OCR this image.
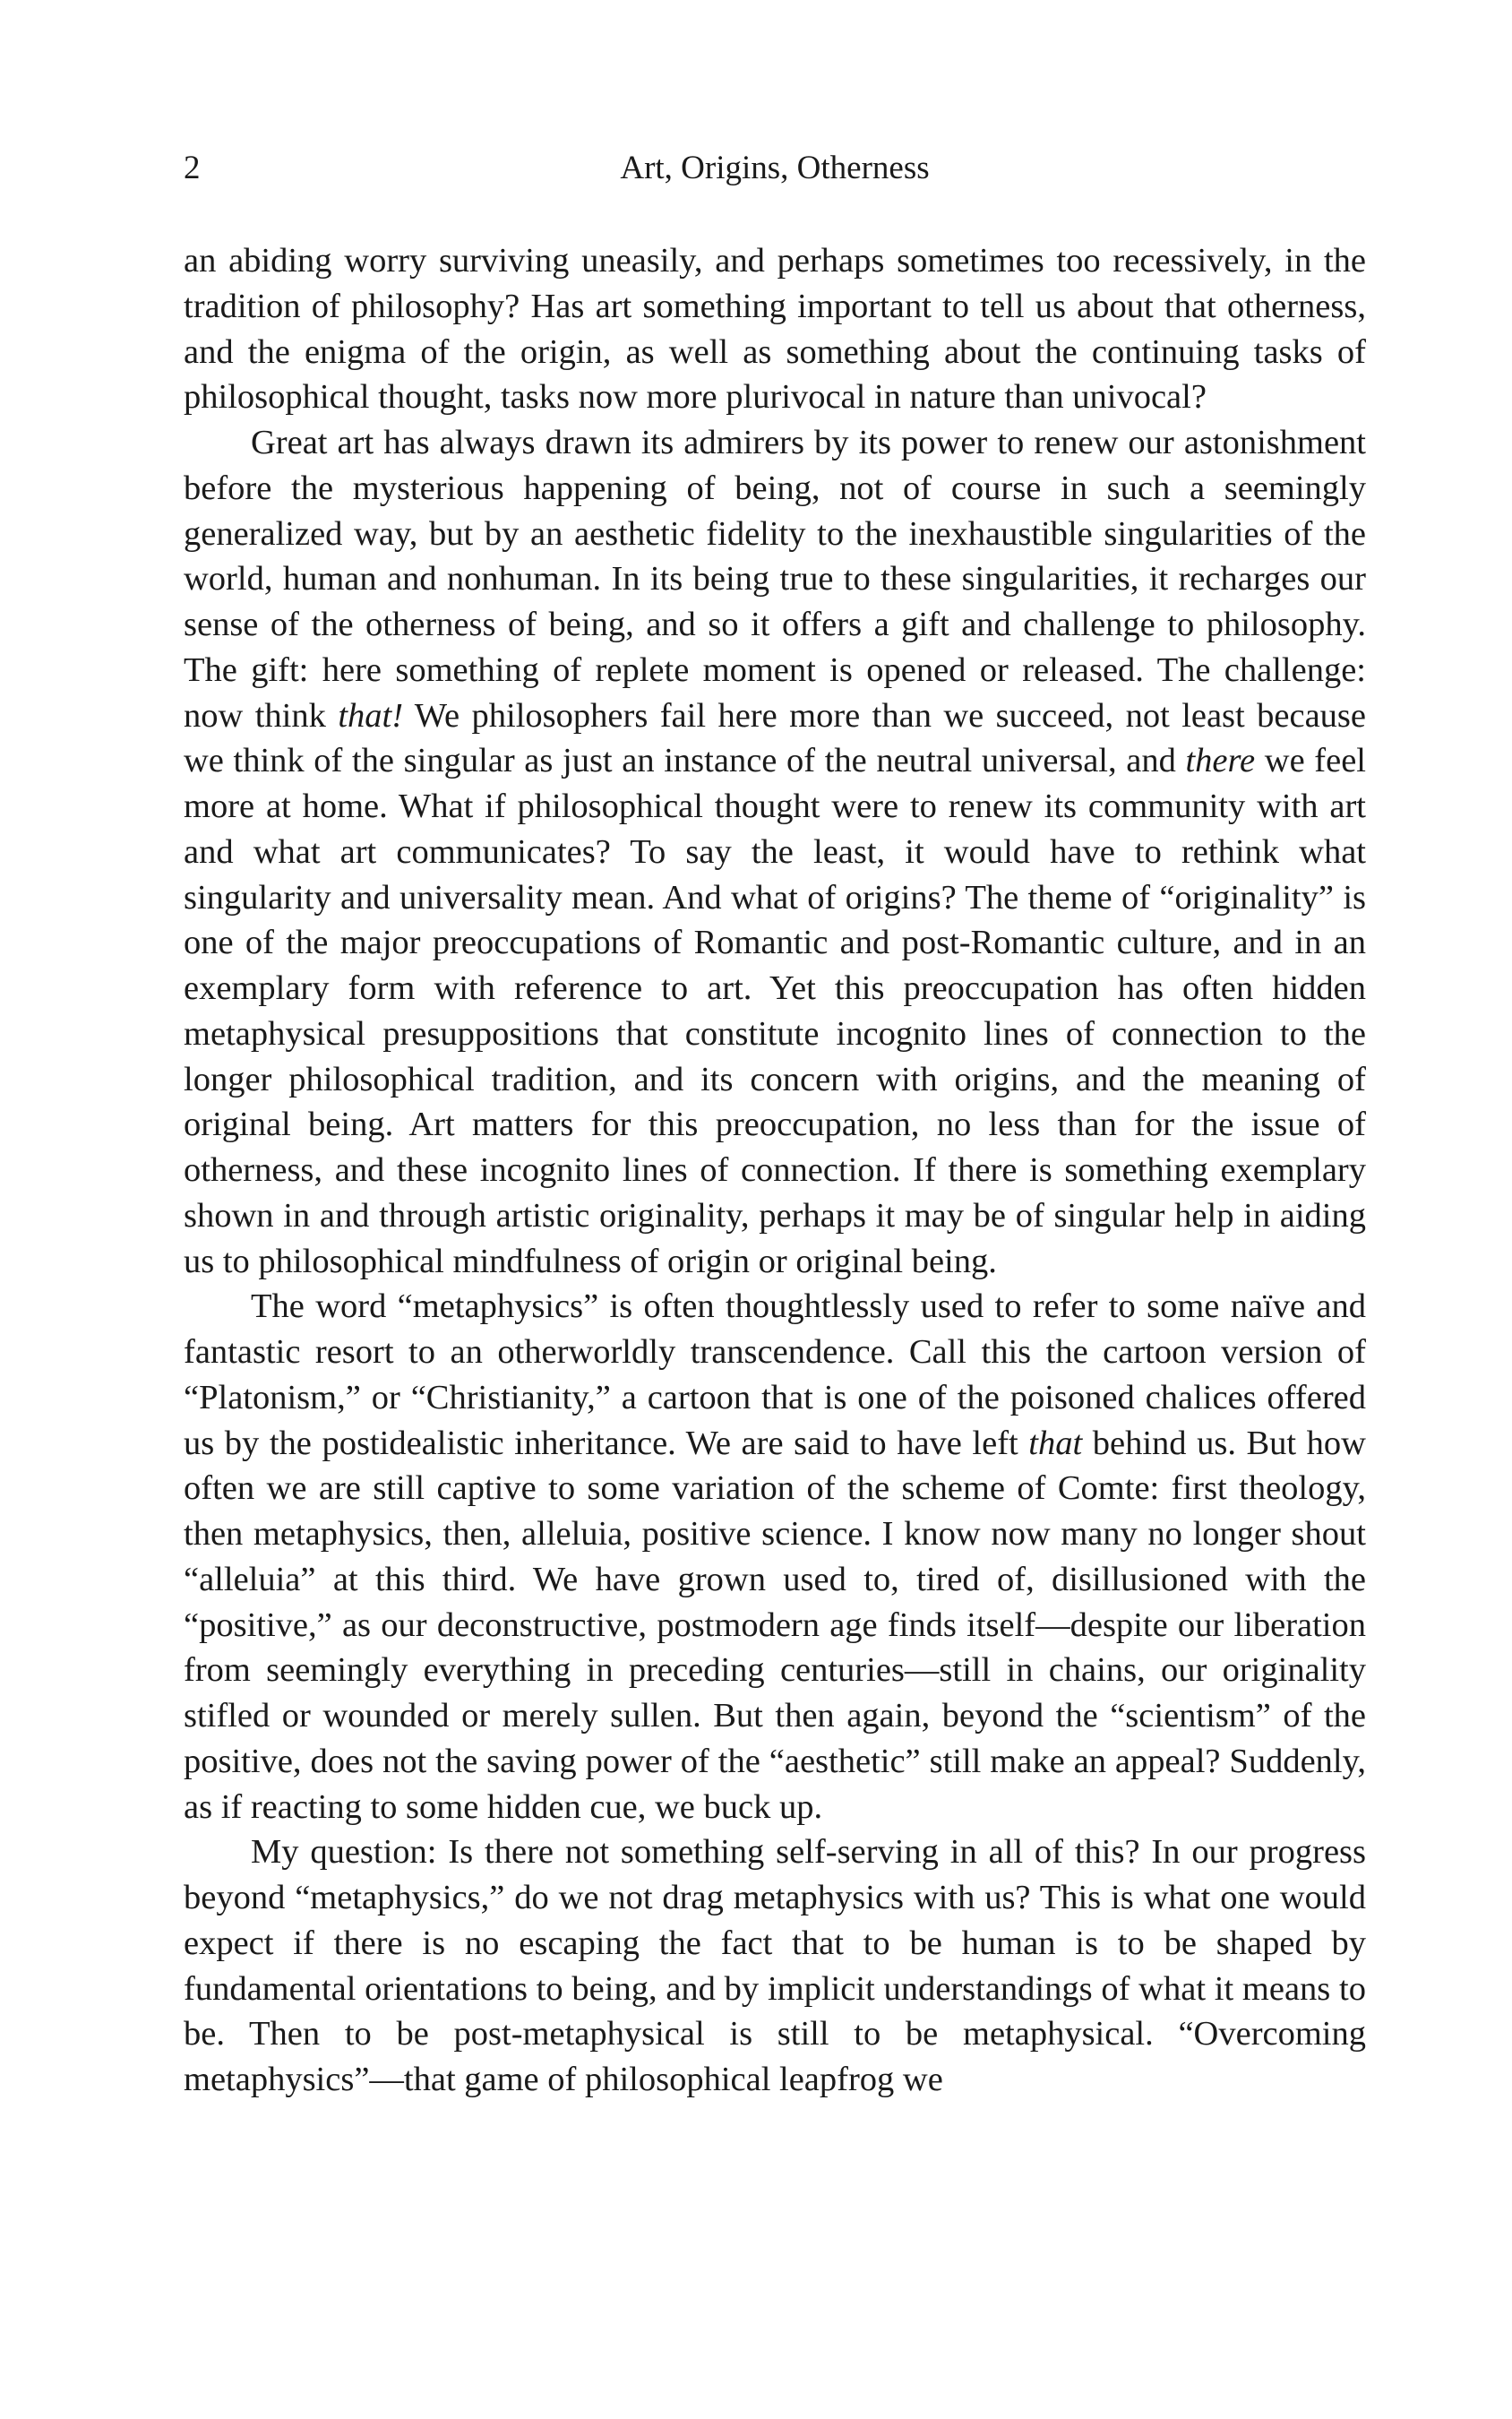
2	Art, Origins, Otherness

an abiding worry surviving uneasily, and perhaps sometimes too recessively, in the tradition of philosophy? Has art something important to tell us about that otherness, and the enigma of the origin, as well as something about the continuing tasks of philosophical thought, tasks now more plurivocal in nature than univocal?

Great art has always drawn its admirers by its power to renew our astonishment before the mysterious happening of being, not of course in such a seemingly generalized way, but by an aesthetic fidelity to the inexhaustible singularities of the world, human and nonhuman. In its being true to these singularities, it recharges our sense of the otherness of being, and so it offers a gift and challenge to philosophy. The gift: here something of replete moment is opened or released. The challenge: now think that! We philosophers fail here more than we succeed, not least because we think of the singular as just an instance of the neutral universal, and there we feel more at home. What if philosophical thought were to renew its community with art and what art communicates? To say the least, it would have to rethink what singularity and universality mean. And what of origins? The theme of “originality” is one of the major preoccupations of Romantic and post-Romantic culture, and in an exemplary form with reference to art. Yet this preoccupation has often hidden metaphysical presuppositions that constitute incognito lines of connection to the longer philosophical tradition, and its concern with origins, and the meaning of original being. Art matters for this preoccupation, no less than for the issue of otherness, and these incognito lines of connection. If there is something exemplary shown in and through artistic originality, perhaps it may be of singular help in aiding us to philosophical mindfulness of origin or original being.

The word “metaphysics” is often thoughtlessly used to refer to some naïve and fantastic resort to an otherworldly transcendence. Call this the cartoon version of “Platonism,” or “Christianity,” a cartoon that is one of the poisoned chalices offered us by the postidealistic inheritance. We are said to have left that behind us. But how often we are still captive to some variation of the scheme of Comte: first theology, then metaphysics, then, alleluia, positive science. I know now many no longer shout “alleluia” at this third. We have grown used to, tired of, disillusioned with the “positive,” as our deconstructive, postmodern age finds itself—despite our liberation from seemingly everything in preceding centuries—still in chains, our originality stifled or wounded or merely sullen. But then again, beyond the “scientism” of the positive, does not the saving power of the “aesthetic” still make an appeal? Suddenly, as if reacting to some hidden cue, we buck up.

My question: Is there not something self-serving in all of this? In our progress beyond “metaphysics,” do we not drag metaphysics with us? This is what one would expect if there is no escaping the fact that to be human is to be shaped by fundamental orientations to being, and by implicit understandings of what it means to be. Then to be post-metaphysical is still to be metaphysical. “Overcoming metaphysics”—that game of philosophical leapfrog we
